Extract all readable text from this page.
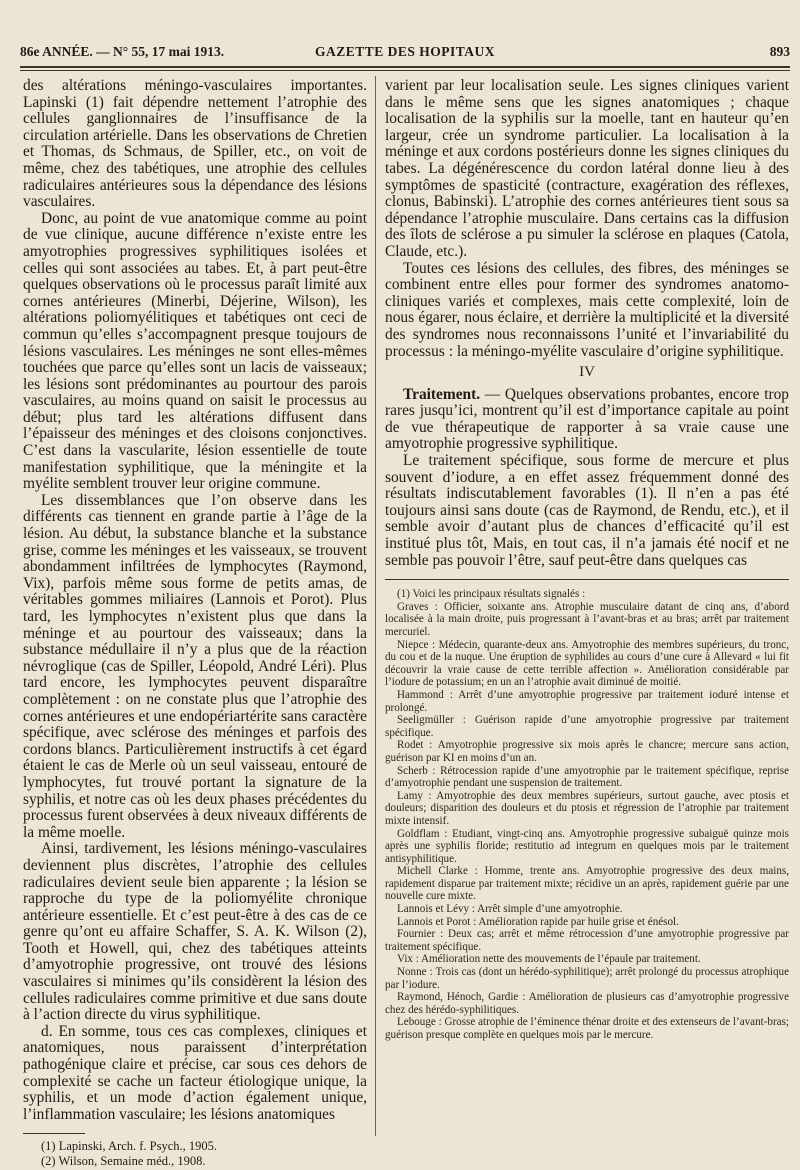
86e ANNÉE. — N° 55, 17 mai 1913.	GAZETTE DES HOPITAUX	893

des altérations méningo-vasculaires importantes. Lapinski (1) fait dépendre nettement l’atrophie des cellules ganglionnaires de l’insuffisance de la circulation artérielle. Dans les observations de Chretien et Thomas, ds Schmaus, de Spiller, etc., on voit de même, chez des tabétiques, une atrophie des cellules radiculaires antérieures sous la dépendance des lésions vasculaires.

Donc, au point de vue anatomique comme au point de vue clinique, aucune différence n’existe entre les amyotrophies progressives syphilitiques isolées et celles qui sont associées au tabes. Et, à part peut-être quelques observations où le processus paraît limité aux cornes antérieures (Minerbi, Déjerine, Wilson), les altérations poliomyélitiques et tabétiques ont ceci de commun qu’elles s’accompagnent presque toujours de lésions vasculaires. Les méninges ne sont elles-mêmes touchées que parce qu’elles sont un lacis de vaisseaux; les lésions sont prédominantes au pourtour des parois vasculaires, au moins quand on saisit le processus au début; plus tard les altérations diffusent dans l’épaisseur des méninges et des cloisons conjonctives. C’est dans la vascularite, lésion essentielle de toute manifestation syphilitique, que la méningite et la myélite semblent trouver leur origine commune.

Les dissemblances que l’on observe dans les différents cas tiennent en grande partie à l’âge de la lésion. Au début, la substance blanche et la substance grise, comme les méninges et les vaisseaux, se trouvent abondamment infiltrées de lymphocytes (Raymond, Vix), parfois même sous forme de petits amas, de véritables gommes miliaires (Lannois et Porot). Plus tard, les lymphocytes n’existent plus que dans la méninge et au pourtour des vaisseaux; dans la substance médullaire il n’y a plus que de la réaction névroglique (cas de Spiller, Léopold, André Léri). Plus tard encore, les lymphocytes peuvent disparaître complètement : on ne constate plus que l’atrophie des cornes antérieures et une endopériartérite sans caractère spécifique, avec sclérose des méninges et parfois des cordons blancs. Particulièrement instructifs à cet égard étaient le cas de Merle où un seul vaisseau, entouré de lymphocytes, fut trouvé portant la signature de la syphilis, et notre cas où les deux phases précédentes du processus furent observées à deux niveaux différents de la même moelle.

Ainsi, tardivement, les lésions méningo-vasculaires deviennent plus discrètes, l’atrophie des cellules radiculaires devient seule bien apparente ; la lésion se rapproche du type de la poliomyélite chronique antérieure essentielle. Et c’est peut-être à des cas de ce genre qu’ont eu affaire Schaffer, S. A. K. Wilson (2), Tooth et Howell, qui, chez des tabétiques atteints d’amyotrophie progressive, ont trouvé des lésions vasculaires si minimes qu’ils considèrent la lésion des cellules radiculaires comme primitive et due sans doute à l’action directe du virus syphilitique.

d. En somme, tous ces cas complexes, cliniques et anatomiques, nous paraissent d’interprétation pathogénique claire et précise, car sous ces dehors de complexité se cache un facteur étiologique unique, la syphilis, et un mode d’action également unique, l’inflammation vasculaire; les lésions anatomiques

(1) Lapinski, Arch. f. Psych., 1905.

(2) Wilson, Semaine méd., 1908.

varient par leur localisation seule. Les signes cliniques varient dans le même sens que les signes anatomiques ; chaque localisation de la syphilis sur la moelle, tant en hauteur qu’en largeur, crée un syndrome particulier. La localisation à la méninge et aux cordons postérieurs donne les signes cliniques du tabes. La dégénérescence du cordon latéral donne lieu à des symptômes de spasticité (contracture, exagération des réflexes, clonus, Babinski). L’atrophie des cornes antérieures tient sous sa dépendance l’atrophie musculaire. Dans certains cas la diffusion des îlots de sclérose a pu simuler la sclérose en plaques (Catola, Claude, etc.).

Toutes ces lésions des cellules, des fibres, des méninges se combinent entre elles pour former des syndromes anatomo-cliniques variés et complexes, mais cette complexité, loin de nous égarer, nous éclaire, et derrière la multiplicité et la diversité des syndromes nous reconnaissons l’unité et l’invariabilité du processus : la méningo-myélite vasculaire d’origine syphilitique.

IV

Traitement. — Quelques observations probantes, encore trop rares jusqu’ici, montrent qu’il est d’importance capitale au point de vue thérapeutique de rapporter à sa vraie cause une amyotrophie progressive syphilitique.

Le traitement spécifique, sous forme de mercure et plus souvent d’iodure, a en effet assez fréquemment donné des résultats indiscutablement favorables (1). Il n’en a pas été toujours ainsi sans doute (cas de Raymond, de Rendu, etc.), et il semble avoir d’autant plus de chances d’efficacité qu’il est institué plus tôt, Mais, en tout cas, il n’a jamais été nocif et ne semble pas pouvoir l’être, sauf peut-être dans quelques cas

(1) Voici les principaux résultats signalés :

Graves : Officier, soixante ans. Atrophie musculaire datant de cinq ans, d’abord localisée à la main droite, puis progressant à l’avant-bras et au bras; arrêt par traitement mercuriel.

Niepce : Médecin, quarante-deux ans. Amyotrophie des membres supérieurs, du tronc, du cou et de la nuque. Une éruption de syphilides au cours d’une cure à Allevard « lui fit découvrir la vraie cause de cette terrible affection ». Amélioration considérable par l’iodure de potassium; en un an l’atrophie avait diminué de moitié.

Hammond : Arrêt d’une amyotrophie progressive par traitement ioduré intense et prolongé.

Seeligmüller : Guérison rapide d’une amyotrophie progressive par traitement spécifique.

Rodet : Amyotrophie progressive six mois après le chancre; mercure sans action, guérison par KI en moins d’un an.

Scherb : Rétrocession rapide d’une amyotrophie par le traitement spécifique, reprise d’amyotrophie pendant une suspension de traitement.

Lamy : Amyotrophie des deux membres supérieurs, surtout gauche, avec ptosis et douleurs; disparition des douleurs et du ptosis et régression de l’atrophie par traitement mixte intensif.

Goldflam : Etudiant, vingt-cinq ans. Amyotrophie progressive subaiguë quinze mois après une syphilis floride; restitutio ad integrum en quelques mois par le traitement antisyphilitique.

Michell Clarke : Homme, trente ans. Amyotrophie progressive des deux mains, rapidement disparue par traitement mixte; récidive un an après, rapidement guérie par une nouvelle cure mixte.

Lannois et Lévy : Arrêt simple d’une amyotrophie.

Lannois et Porot : Amélioration rapide par huile grise et énésol.

Fournier : Deux cas; arrêt et même rétrocession d’une amyotrophie progressive par traitement spécifique.

Vix : Amélioration nette des mouvements de l’épaule par traitement.

Nonne : Trois cas (dont un hérédo-syphilitique); arrêt prolongé du processus atrophique par l’iodure.

Raymond, Hénoch, Gardie : Amélioration de plusieurs cas d’amyotrophie progressive chez des hérédo-syphilitiques.

Lebouge : Grosse atrophie de l’éminence thénar droite et des extenseurs de l’avant-bras; guérison presque complète en quelques mois par le mercure.
